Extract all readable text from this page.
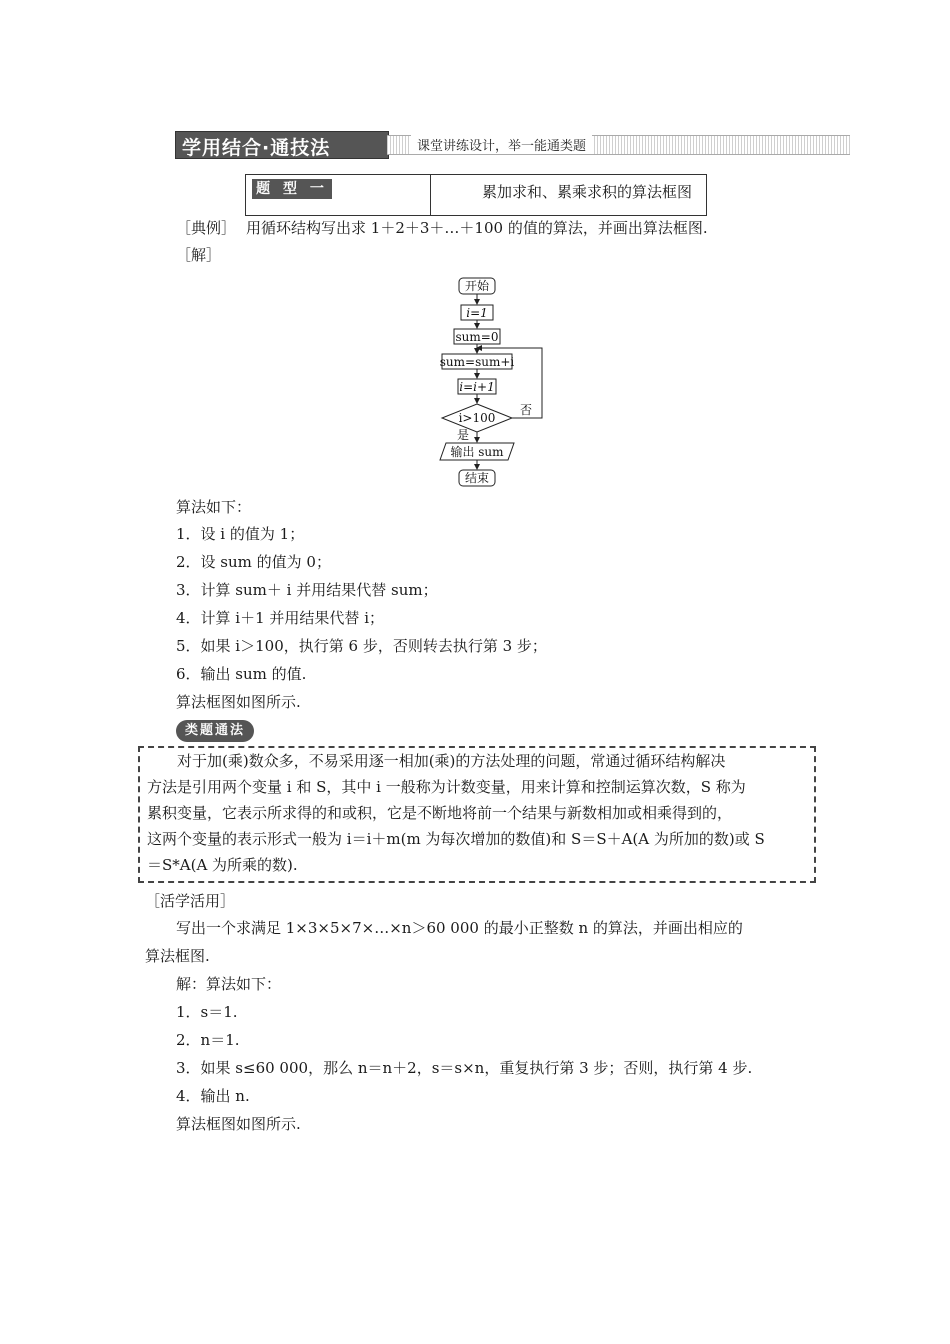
学用结合·通技法	课堂讲练设计，举一能通类题
题 型 一	累加求和、累乘求积的算法框图
［典例］ 用循环结构写出求 1＋2＋3＋…＋100 的值的算法，并画出算法框图.
［解］
开始
i=1
sum=0
sum=sum+i
i=i+1
i>100
否
是
输出 sum
结束
算法如下：
1．设 i 的值为 1；
2．设 sum 的值为 0；
3．计算 sum＋ i 并用结果代替 sum；
4．计算 i＋1 并用结果代替 i；
5．如果 i＞100，执行第 6 步，否则转去执行第 3 步；
6．输出 sum 的值.
算法框图如图所示.
类题通法
对于加(乘)数众多，不易采用逐一相加(乘)的方法处理的问题，常通过循环结构解决
方法是引用两个变量 i 和 S，其中 i 一般称为计数变量，用来计算和控制运算次数，S 称为
累积变量，它表示所求得的和或积，它是不断地将前一个结果与新数相加或相乘得到的，
这两个变量的表示形式一般为 i＝i＋m(m 为每次增加的数值)和 S＝S＋A(A 为所加的数)或 S
＝S*A(A 为所乘的数).
［活学活用］
写出一个求满足 1×3×5×7×…×n＞60 000 的最小正整数 n 的算法，并画出相应的
算法框图.
解：算法如下：
1．s＝1.
2．n＝1.
3．如果 s≤60 000，那么 n＝n＋2，s＝s×n，重复执行第 3 步；否则，执行第 4 步.
4．输出 n.
算法框图如图所示.
